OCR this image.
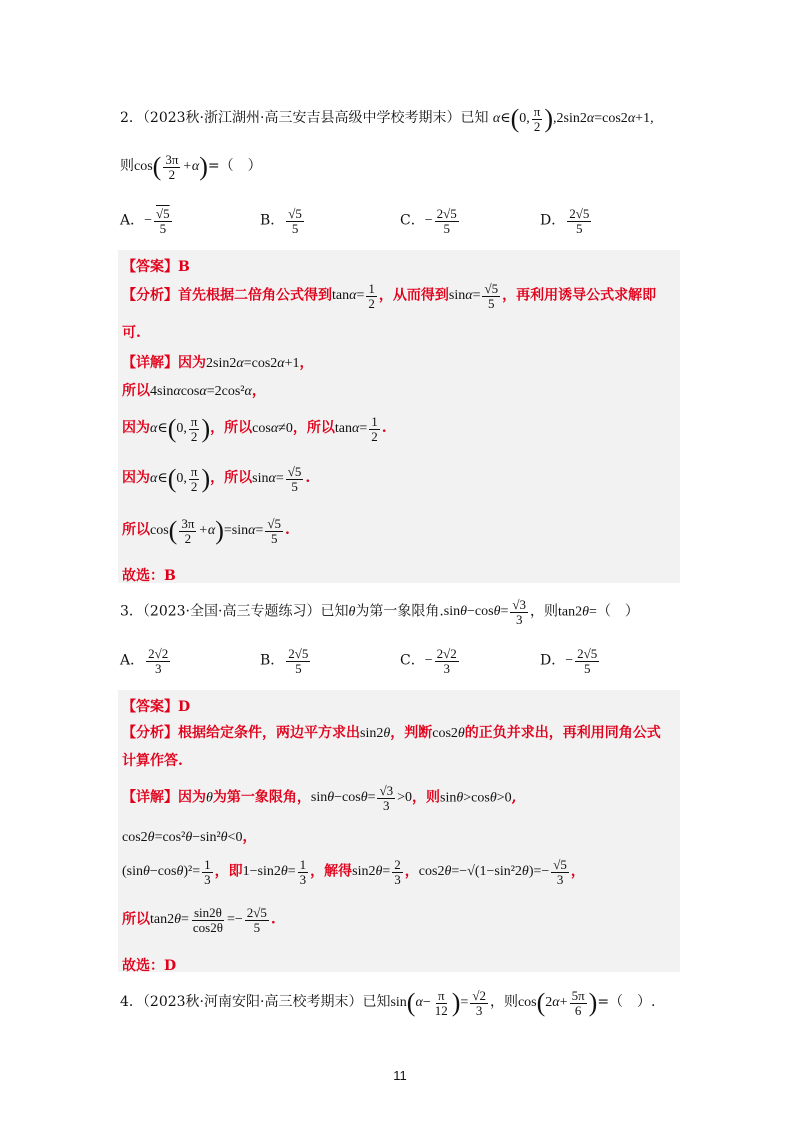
2．（2023秋·浙江湖州·高三安吉县高级中学校考期末）已知 α∈(0, $\frac{\pi}{2} ),2\sin 2\alpha=\cos 2\alpha+1$,
则$\cos( \frac{3\pi}{2} +\alpha)=$（　）
A．− $\frac{√5}{5}$	B． $\frac{√5}{5}$	C．− $\frac{2√5}{5}$	D． $\frac{2√5}{5}$
【答案】B
【分析】首先根据二倍角公式得到$\tan\alpha= \frac{1}{2}$ ，从而得到$\sin\alpha= \frac{√5}{5}$ ，再利用诱导公式求解即
可.
【详解】因为2sin2α=cos2α+1，
所以4sinαcosα=2cos²α，
因为α∈(0, $\frac{\pi}{2}$ )，所以cosα≠0，所以$\tan\alpha= \frac{1}{2}$ .
因为α∈(0, $\frac{\pi}{2}$ )，所以$\sin\alpha= \frac{√5}{5}$ .
所以$\cos( \frac{3\pi}{2} +\alpha)=\sin\alpha= \frac{√5}{5}$ .
故选：B
3．（2023·全国·高三专题练习）已知θ为第一象限角$.\sin\theta-\cos\theta= \frac{√3}{3}$ ，则tan2θ=（　）
A． $\frac{2√2}{3}$	B． $\frac{2√5}{5}$	C．− $\frac{2√2}{3}$	D．− $\frac{2√5}{5}$
【答案】D
【分析】根据给定条件，两边平方求出sin2θ，判断cos2θ的正负并求出，再利用同角公式
计算作答.
【详解】因为θ为第一象限角，$\sin\theta-\cos\theta= \frac{√3}{3} >0$，则sinθ>cosθ>0,
cos2θ=cos²θ−sin²θ<0，
$(\sin\theta-\cos\theta)^2= \frac{1}{3}$ ，即$1-\sin 2\theta= \frac{1}{3}$ ，解得$\sin 2\theta= \frac{2}{3}$ ，$\cos 2\theta=-√(1-\sin^22\theta)=- \frac{√5}{3}$ ，
所以$\tan 2\theta= \frac{\sin 2\theta}{\cos 2\theta} =- \frac{2√5}{5}$ .
故选：D
4．（2023秋·河南安阳·高三校考期末）已知$\sin(\alpha- \frac{\pi}{12}$ )= $\frac{√2}{3}$ ，则$\cos(2\alpha+ \frac{5\pi}{6}$ )=（　）.
11
